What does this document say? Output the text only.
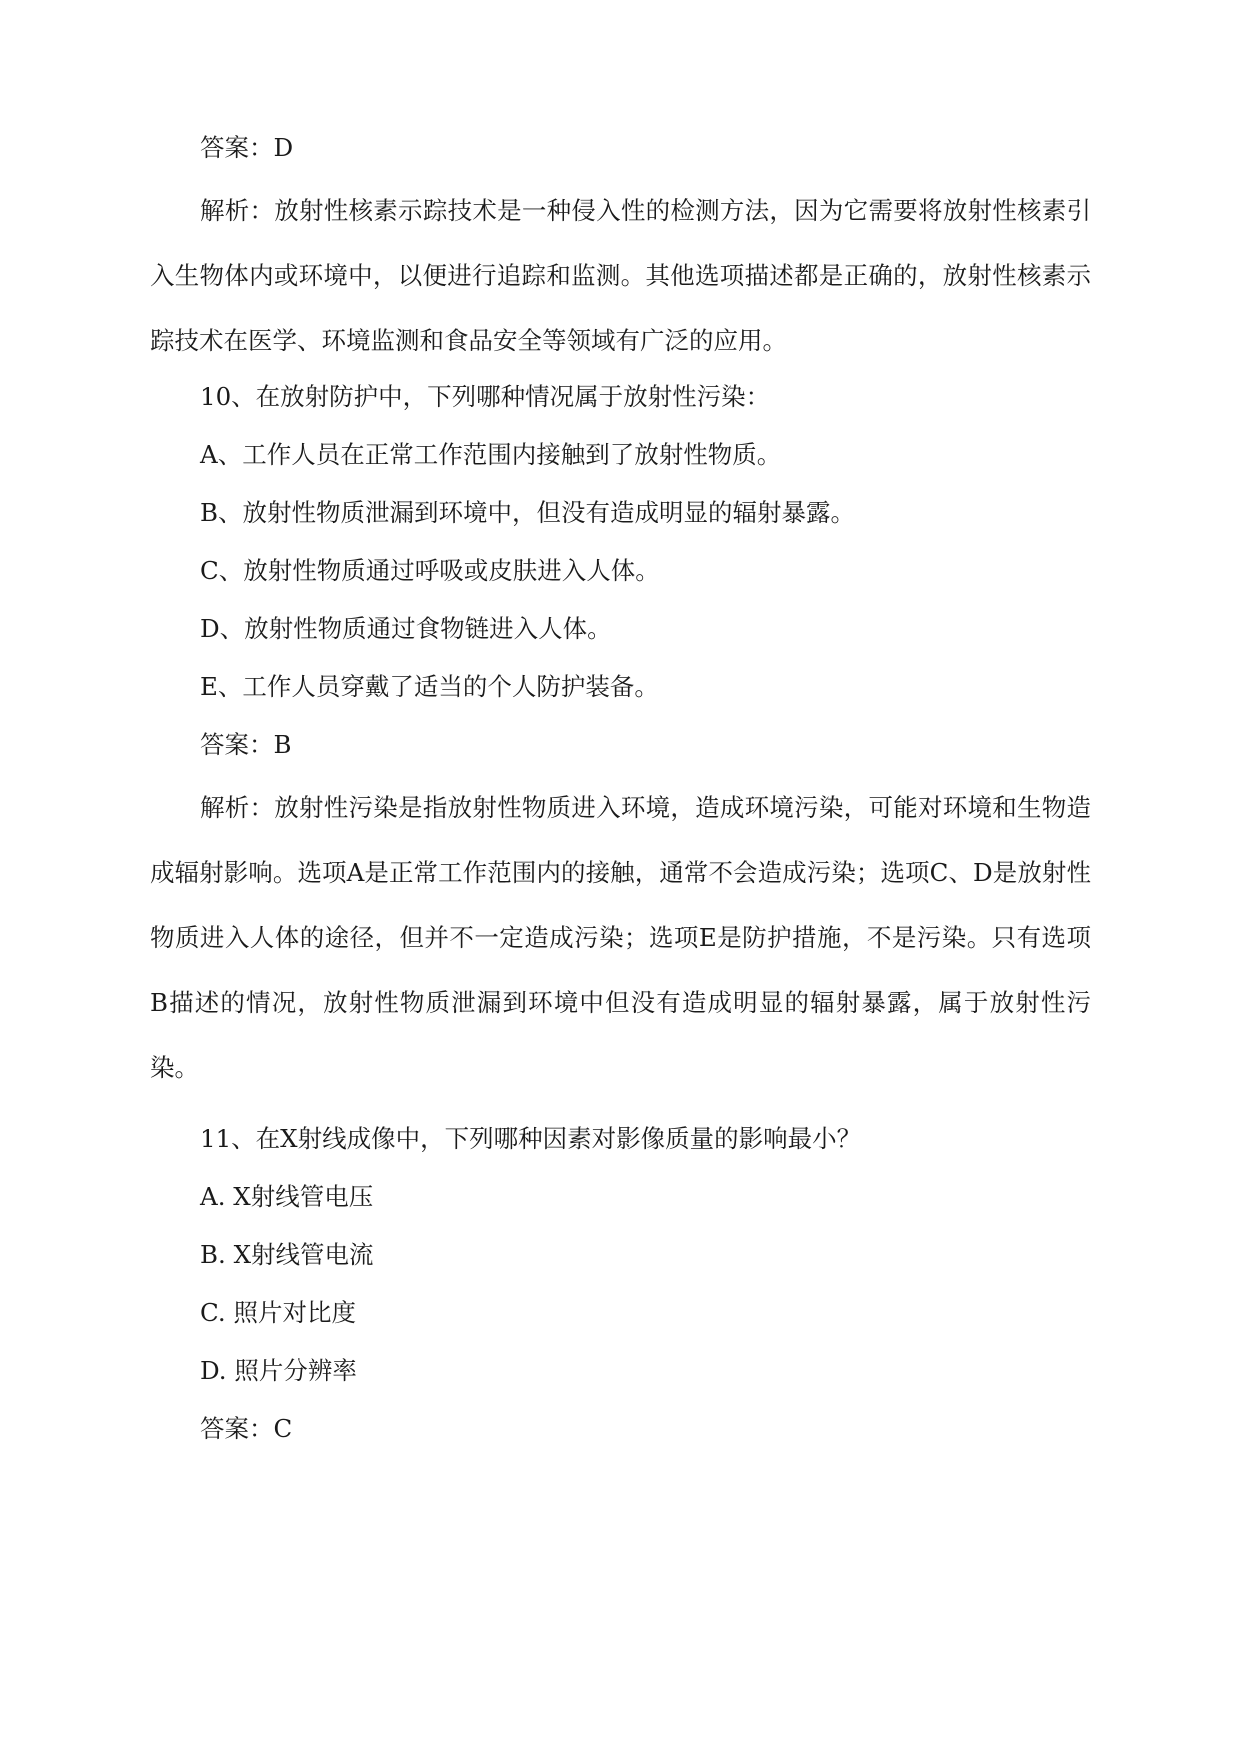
答案：D

解析：放射性核素示踪技术是一种侵入性的检测方法，因为它需要将放射性核素引入生物体内或环境中，以便进行追踪和监测。其他选项描述都是正确的，放射性核素示踪技术在医学、环境监测和食品安全等领域有广泛的应用。

10、在放射防护中，下列哪种情况属于放射性污染：

A、工作人员在正常工作范围内接触到了放射性物质。

B、放射性物质泄漏到环境中，但没有造成明显的辐射暴露。

C、放射性物质通过呼吸或皮肤进入人体。

D、放射性物质通过食物链进入人体。

E、工作人员穿戴了适当的个人防护装备。

答案：B

解析：放射性污染是指放射性物质进入环境，造成环境污染，可能对环境和生物造成辐射影响。选项A是正常工作范围内的接触，通常不会造成污染；选项C、D是放射性物质进入人体的途径，但并不一定造成污染；选项E是防护措施，不是污染。只有选项B描述的情况，放射性物质泄漏到环境中但没有造成明显的辐射暴露，属于放射性污染。

11、在X射线成像中，下列哪种因素对影像质量的影响最小？

A. X射线管电压

B. X射线管电流

C. 照片对比度

D. 照片分辨率

答案：C
